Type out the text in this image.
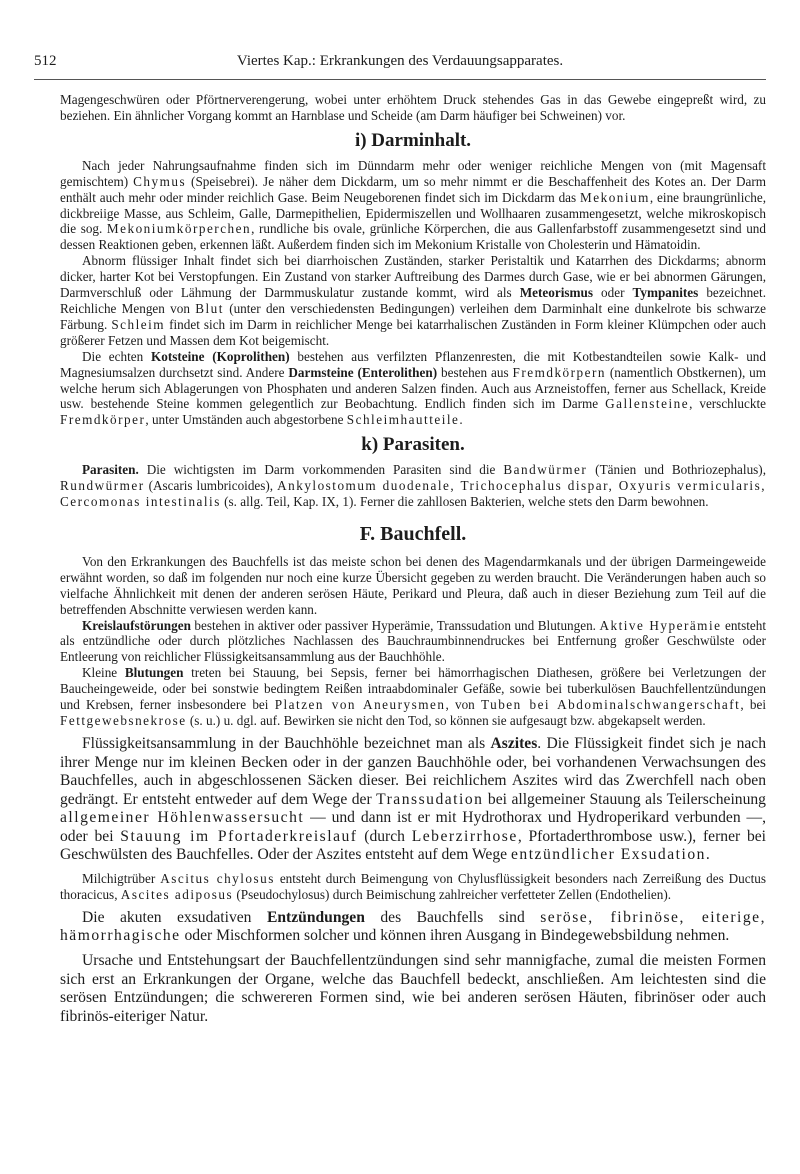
512	Viertes Kap.: Erkrankungen des Verdauungsapparates.

Magengeschwüren oder Pförtnerverengerung, wobei unter erhöhtem Druck stehendes Gas in das Gewebe eingepreßt wird, zu beziehen. Ein ähnlicher Vorgang kommt an Harnblase und Scheide (am Darm häufiger bei Schweinen) vor.

i) Darminhalt.

Nach jeder Nahrungsaufnahme finden sich im Dünndarm mehr oder weniger reichliche Mengen von (mit Magensaft gemischtem) Chymus (Speisebrei). Je näher dem Dickdarm, um so mehr nimmt er die Beschaffenheit des Kotes an. Der Darm enthält auch mehr oder minder reichlich Gase. Beim Neugeborenen findet sich im Dickdarm das Mekonium, eine braungrünliche, dickbreiige Masse, aus Schleim, Galle, Darmepithelien, Epidermiszellen und Wollhaaren zusammengesetzt, welche mikroskopisch die sog. Mekoniumkörperchen, rundliche bis ovale, grünliche Körperchen, die aus Gallenfarbstoff zusammengesetzt sind und dessen Reaktionen geben, erkennen läßt. Außerdem finden sich im Mekonium Kristalle von Cholesterin und Hämatoidin.

Abnorm flüssiger Inhalt findet sich bei diarrhoischen Zuständen, starker Peristaltik und Katarrhen des Dickdarms; abnorm dicker, harter Kot bei Verstopfungen. Ein Zustand von starker Auftreibung des Darmes durch Gase, wie er bei abnormen Gärungen, Darmverschluß oder Lähmung der Darmmuskulatur zustande kommt, wird als Meteorismus oder Tympanites bezeichnet. Reichliche Mengen von Blut (unter den verschiedensten Bedingungen) verleihen dem Darminhalt eine dunkelrote bis schwarze Färbung. Schleim findet sich im Darm in reichlicher Menge bei katarrhalischen Zuständen in Form kleiner Klümpchen oder auch größerer Fetzen und Massen dem Kot beigemischt.

Die echten Kotsteine (Koprolithen) bestehen aus verfilzten Pflanzenresten, die mit Kotbestandteilen sowie Kalk- und Magnesiumsalzen durchsetzt sind. Andere Darmsteine (Enterolithen) bestehen aus Fremdkörpern (namentlich Obstkernen), um welche herum sich Ablagerungen von Phosphaten und anderen Salzen finden. Auch aus Arzneistoffen, ferner aus Schellack, Kreide usw. bestehende Steine kommen gelegentlich zur Beobachtung. Endlich finden sich im Darme Gallensteine, verschluckte Fremdkörper, unter Umständen auch abgestorbene Schleimhautteile.

k) Parasiten.

Parasiten. Die wichtigsten im Darm vorkommenden Parasiten sind die Bandwürmer (Tänien und Bothriozephalus), Rundwürmer (Ascaris lumbricoides), Ankylostomum duodenale, Trichocephalus dispar, Oxyuris vermicularis, Cercomonas intestinalis (s. allg. Teil, Kap. IX, 1). Ferner die zahllosen Bakterien, welche stets den Darm bewohnen.

F. Bauchfell.

Von den Erkrankungen des Bauchfells ist das meiste schon bei denen des Magendarmkanals und der übrigen Darmeingeweide erwähnt worden, so daß im folgenden nur noch eine kurze Übersicht gegeben zu werden braucht. Die Veränderungen haben auch so vielfache Ähnlichkeit mit denen der anderen serösen Häute, Perikard und Pleura, daß auch in dieser Beziehung zum Teil auf die betreffenden Abschnitte verwiesen werden kann.

Kreislaufstörungen bestehen in aktiver oder passiver Hyperämie, Transsudation und Blutungen. Aktive Hyperämie entsteht als entzündliche oder durch plötzliches Nachlassen des Bauchraumbinnendruckes bei Entfernung großer Geschwülste oder Entleerung von reichlicher Flüssigkeitsansammlung aus der Bauchhöhle.

Kleine Blutungen treten bei Stauung, bei Sepsis, ferner bei hämorrhagischen Diathesen, größere bei Verletzungen der Baucheingeweide, oder bei sonstwie bedingtem Reißen intraabdominaler Gefäße, sowie bei tuberkulösen Bauchfellentzündungen und Krebsen, ferner insbesondere bei Platzen von Aneurysmen, von Tuben bei Abdominalschwangerschaft, bei Fettgewebsnekrose (s. u.) u. dgl. auf. Bewirken sie nicht den Tod, so können sie aufgesaugt bzw. abgekapselt werden.

Flüssigkeitsansammlung in der Bauchhöhle bezeichnet man als Aszites. Die Flüssigkeit findet sich je nach ihrer Menge nur im kleinen Becken oder in der ganzen Bauchhöhle oder, bei vorhandenen Verwachsungen des Bauchfelles, auch in abgeschlossenen Säcken dieser. Bei reichlichem Aszites wird das Zwerchfell nach oben gedrängt. Er entsteht entweder auf dem Wege der Transsudation bei allgemeiner Stauung als Teilerscheinung allgemeiner Höhlenwassersucht — und dann ist er mit Hydrothorax und Hydroperikard verbunden —, oder bei Stauung im Pfortaderkreislauf (durch Leberzirrhose, Pfortaderthrombose usw.), ferner bei Geschwülsten des Bauchfelles. Oder der Aszites entsteht auf dem Wege entzündlicher Exsudation.

Milchigtrüber Ascitus chylosus entsteht durch Beimengung von Chylusflüssigkeit besonders nach Zerreißung des Ductus thoracicus, Ascites adiposus (Pseudochylosus) durch Beimischung zahlreicher verfetteter Zellen (Endothelien).

Die akuten exsudativen Entzündungen des Bauchfells sind seröse, fibrinöse, eiterige, hämorrhagische oder Mischformen solcher und können ihren Ausgang in Bindegewebsbildung nehmen.

Ursache und Entstehungsart der Bauchfellentzündungen sind sehr mannigfache, zumal die meisten Formen sich erst an Erkrankungen der Organe, welche das Bauchfell bedeckt, anschließen. Am leichtesten sind die serösen Entzündungen; die schwereren Formen sind, wie bei anderen serösen Häuten, fibrinöser oder auch fibrinös-eiteriger Natur.
